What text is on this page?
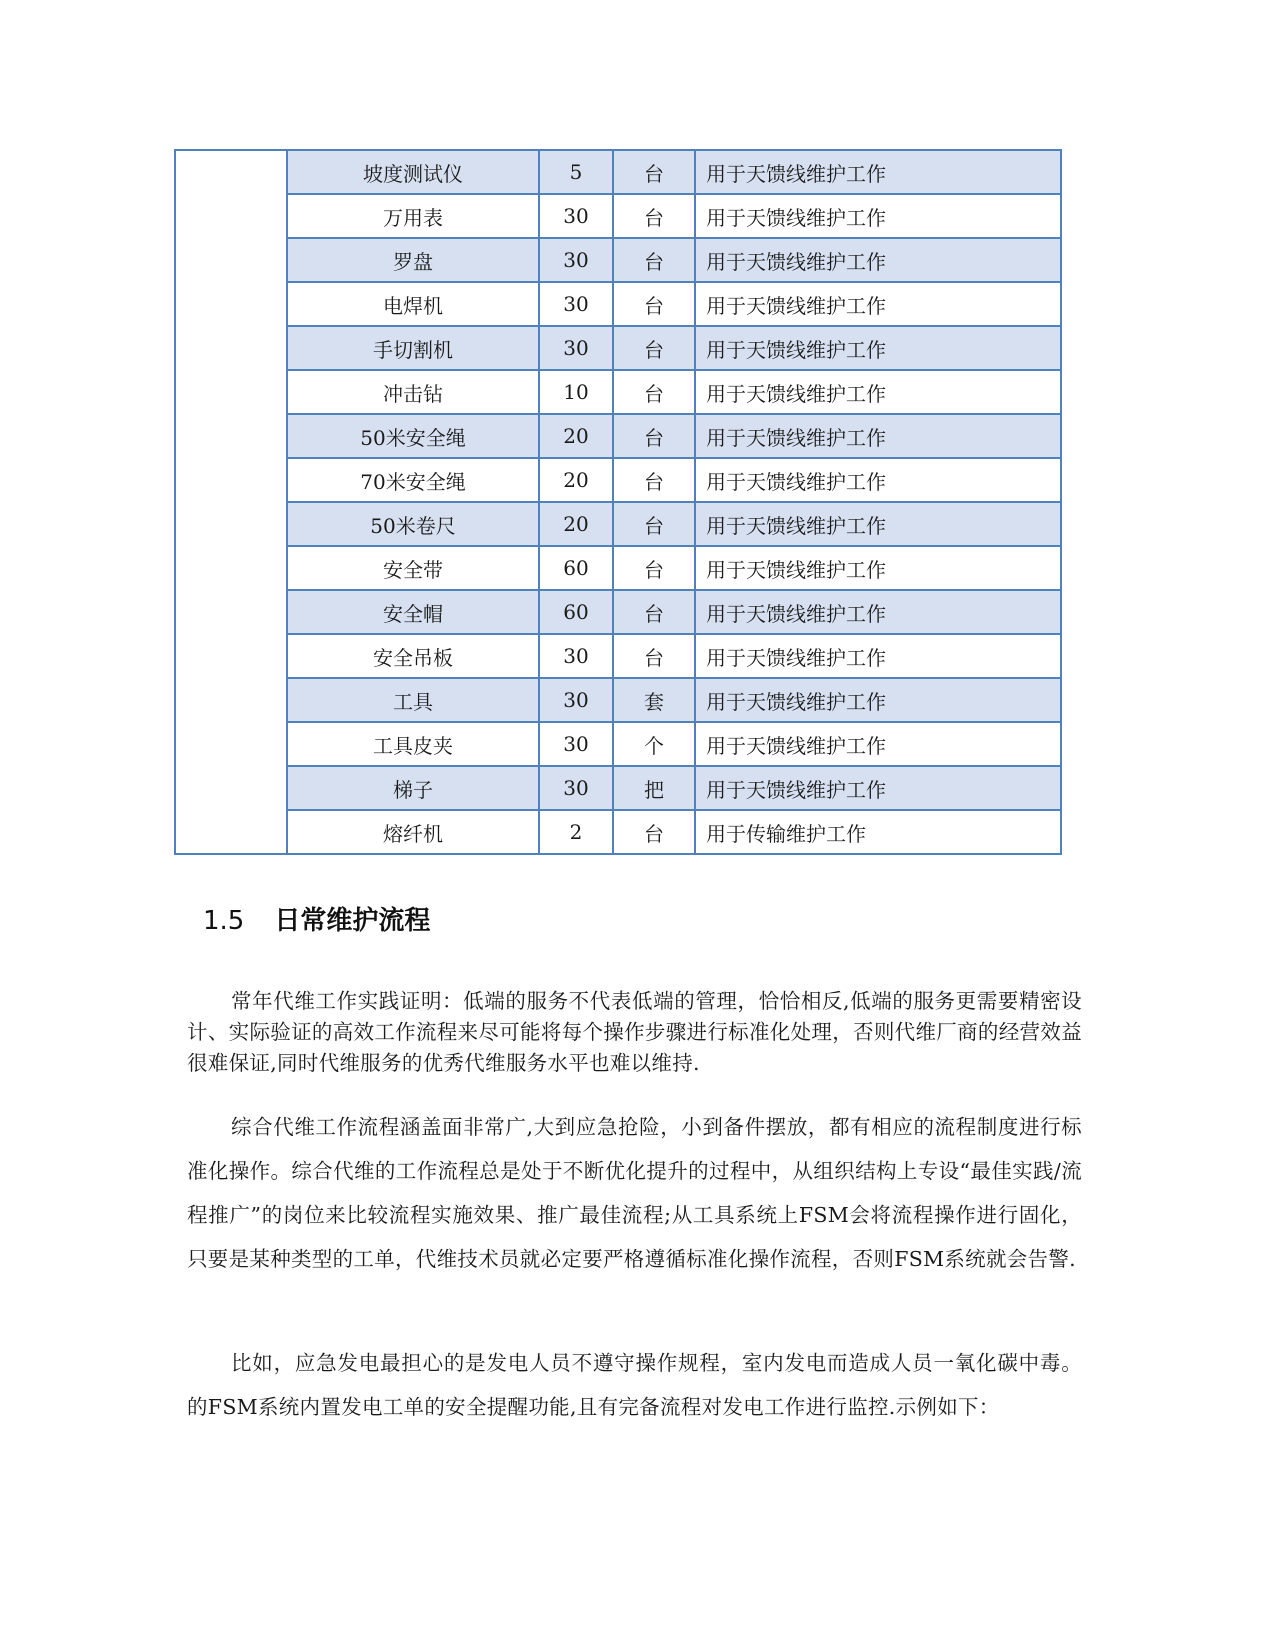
	坡度测试仪	5	台	用于天馈线维护工作
	万用表	30	台	用于天馈线维护工作
	罗盘	30	台	用于天馈线维护工作
	电焊机	30	台	用于天馈线维护工作
	手切割机	30	台	用于天馈线维护工作
	冲击钻	10	台	用于天馈线维护工作
	50米安全绳	20	台	用于天馈线维护工作
	70米安全绳	20	台	用于天馈线维护工作
	50米卷尺	20	台	用于天馈线维护工作
	安全带	60	台	用于天馈线维护工作
	安全帽	60	台	用于天馈线维护工作
	安全吊板	30	台	用于天馈线维护工作
	工具	30	套	用于天馈线维护工作
	工具皮夹	30	个	用于天馈线维护工作
	梯子	30	把	用于天馈线维护工作
	熔纤机	2	台	用于传输维护工作
1.5 日常维护流程

常年代维工作实践证明：低端的服务不代表低端的管理，恰恰相反,低端的服务更需要精密设计、实际验证的高效工作流程来尽可能将每个操作步骤进行标准化处理，否则代维厂商的经营效益很难保证,同时代维服务的优秀代维服务水平也难以维持.

综合代维工作流程涵盖面非常广,大到应急抢险，小到备件摆放，都有相应的流程制度进行标准化操作。综合代维的工作流程总是处于不断优化提升的过程中，从组织结构上专设“最佳实践/流程推广”的岗位来比较流程实施效果、推广最佳流程;从工具系统上FSM会将流程操作进行固化，只要是某种类型的工单，代维技术员就必定要严格遵循标准化操作流程，否则FSM系统就会告警.

比如，应急发电最担心的是发电人员不遵守操作规程，室内发电而造成人员一氧化碳中毒。的FSM系统内置发电工单的安全提醒功能,且有完备流程对发电工作进行监控.示例如下：
